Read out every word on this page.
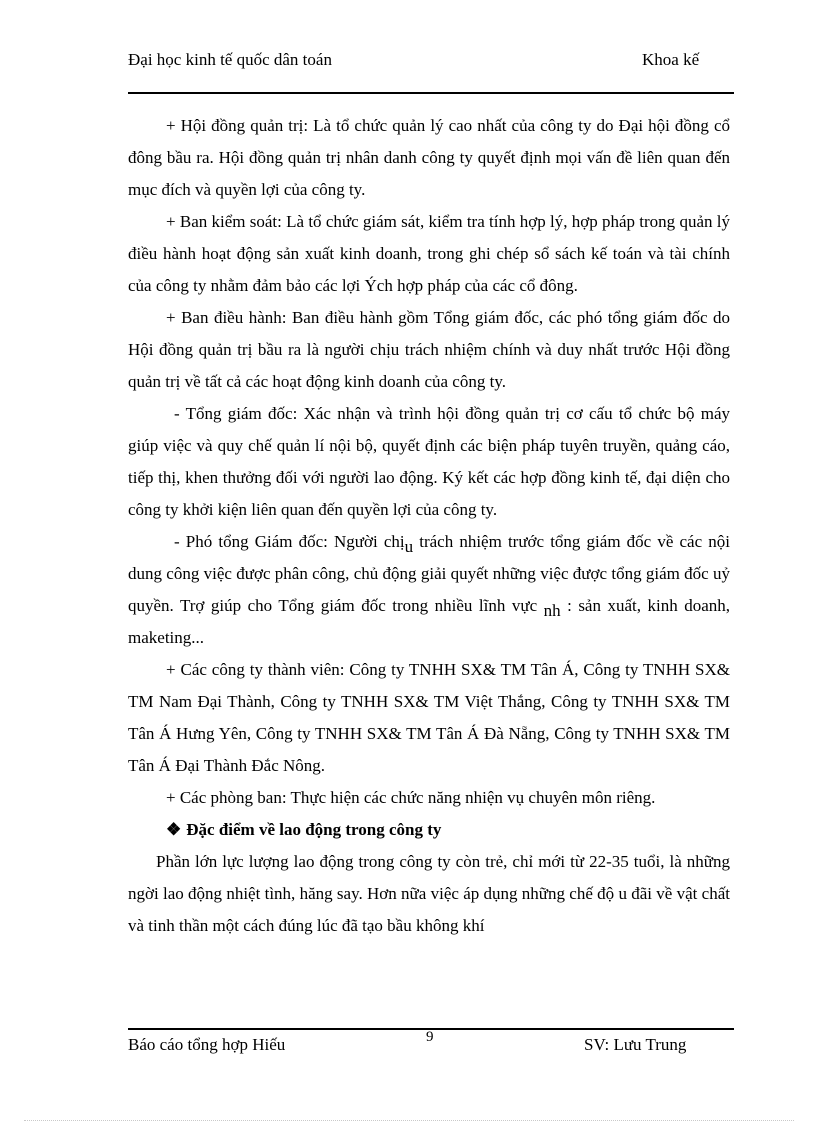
Đại học kinh tế quốc dân toán	Khoa kế

+ Hội đồng quản trị: Là tổ chức quản lý cao nhất của công ty do Đại hội đồng cổ đông bầu ra. Hội đồng quản trị nhân danh công ty quyết định mọi vấn đề liên quan đến mục đích và quyền lợi của công ty.

+ Ban kiểm soát: Là tổ chức giám sát, kiểm tra tính hợp lý, hợp pháp trong quản lý điều hành hoạt động sản xuất kinh doanh, trong ghi chép sổ sách kế toán và tài chính của công ty nhằm đảm bảo các lợi Ých hợp pháp của các cổ đông.

+ Ban điều hành: Ban điều hành gồm Tổng giám đốc, các phó tổng giám đốc do Hội đồng quản trị bầu ra là người chịu trách nhiệm chính và duy nhất trước Hội đồng quản trị về tất cả các hoạt động kinh doanh của công ty.

- Tổng giám đốc: Xác nhận và trình hội đồng quản trị cơ cấu tổ chức bộ máy giúp việc và quy chế quản lí nội bộ, quyết định các biện pháp tuyên truyền, quảng cáo, tiếp thị, khen thưởng đối với người lao động. Ký kết các hợp đồng kinh tế, đại diện cho công ty khởi kiện liên quan đến quyền lợi của công ty.

- Phó tổng Giám đốc: Người chịu trách nhiệm trước tổng giám đốc về các nội dung công việc được phân công, chủ động giải quyết những việc được tổng giám đốc uỷ quyền. Trợ giúp cho Tổng giám đốc trong nhiều lĩnh vực nh : sản xuất, kinh doanh, maketing...

+ Các công ty thành viên: Công ty TNHH SX& TM Tân Á, Công ty TNHH SX& TM Nam Đại Thành, Công ty TNHH SX& TM Việt Thắng, Công ty TNHH SX& TM Tân Á Hưng Yên, Công ty TNHH SX& TM Tân Á Đà Nẵng, Công ty TNHH SX& TM Tân Á Đại Thành Đắc Nông.

+ Các phòng ban: Thực hiện các chức năng nhiện vụ chuyên môn riêng.

❖ Đặc điểm về lao động trong công ty

Phần lớn lực lượng lao động trong công ty còn trẻ, chỉ mới từ 22-35 tuổi, là những ngời lao động nhiệt tình, hăng say. Hơn nữa việc áp dụng những chế độ u đãi về vật chất và tinh thần một cách đúng lúc đã tạo bầu không khí

Báo cáo tổng hợp Hiếu	9	SV: Lưu Trung
